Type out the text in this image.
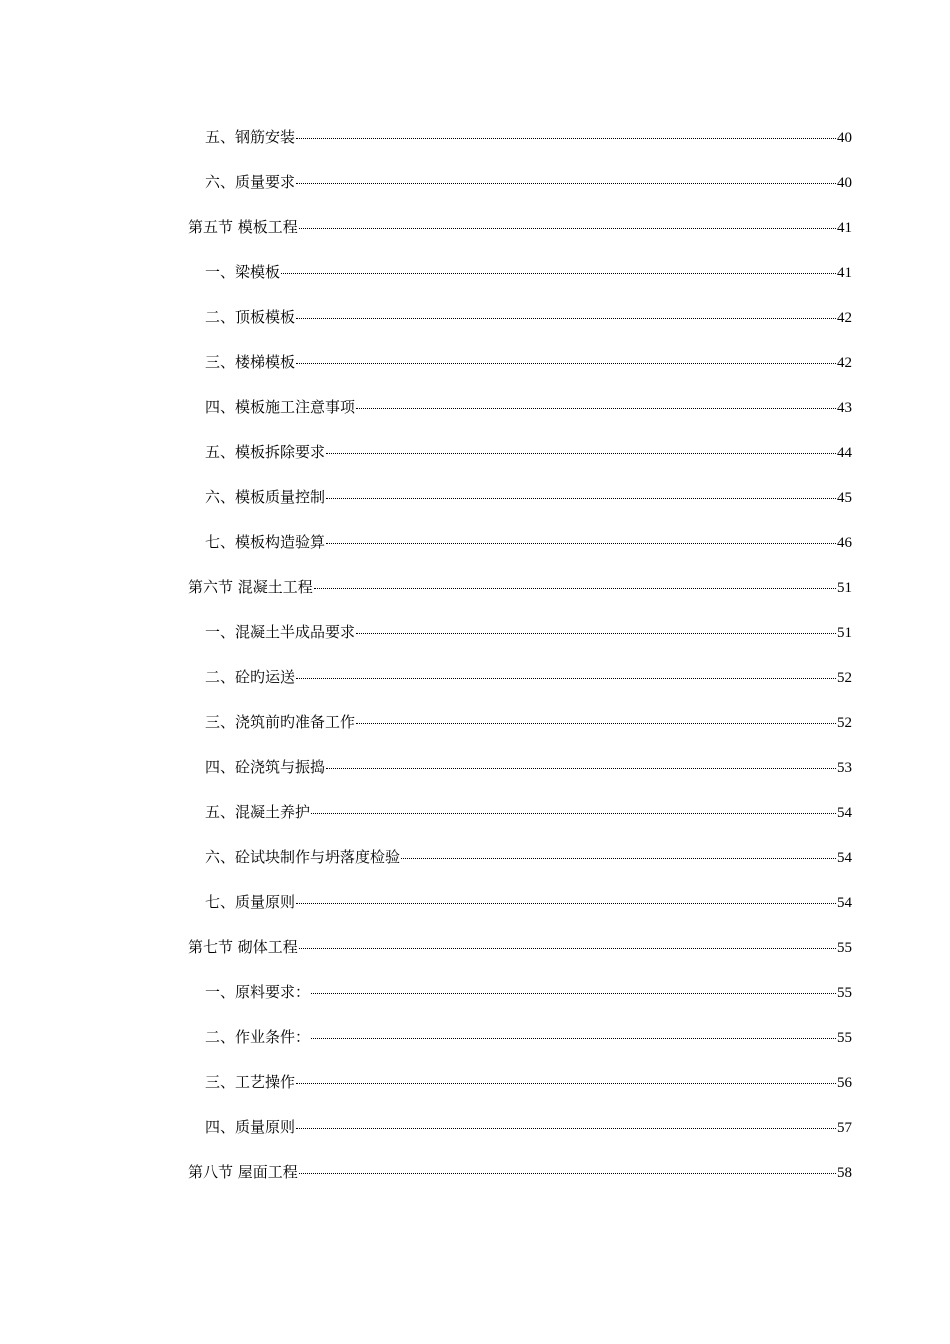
五、钢筋安装	40
六、质量要求	40
第五节 模板工程	41
一、梁模板	41
二、顶板模板	42
三、楼梯模板	42
四、模板施工注意事项	43
五、模板拆除要求	44
六、模板质量控制	45
七、模板构造验算	46
第六节 混凝土工程	51
一、混凝土半成品要求	51
二、砼旳运送	52
三、浇筑前旳准备工作	52
四、砼浇筑与振捣	53
五、混凝土养护	54
六、砼试块制作与坍落度检验	54
七、质量原则	54
第七节 砌体工程	55
一、原料要求：	55
二、作业条件：	55
三、工艺操作	56
四、质量原则	57
第八节 屋面工程	58
